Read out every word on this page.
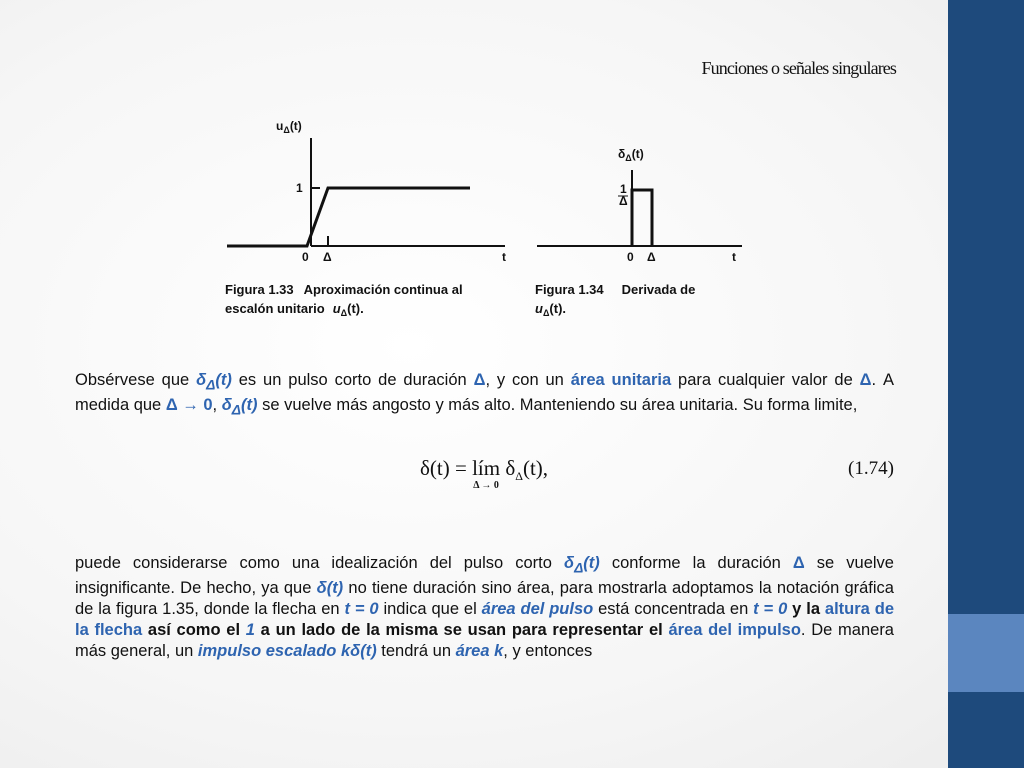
Funciones o señales singulares
$u_\Delta(t)$
1
0 Δ	t
Figura 1.33 Aproximación continua al
escalón unitario $u_\Delta(t)$.
$\delta_\Delta(t)$
1
Δ
0 Δ	t
Figura 1.34 Derivada de
$u_\Delta(t)$.
Obsérvese que $\delta_\Delta(t)$ es un pulso corto de duración Δ, y con un área unitaria para cualquier valor de Δ. A medida que Δ → 0, $\delta_\Delta(t)$ se vuelve más angosto y más alto. Manteniendo su área unitaria. Su forma limite,
δ(t) = lím
Δ → 0
$\delta_\Delta(t)$,	(1.74)
puede considerarse como una idealización del pulso corto $\delta_\Delta(t)$ conforme la duración Δ se vuelve insignificante. De hecho, ya que δ(t) no tiene duración sino área, para mostrarla adoptamos la notación gráfica de la figura 1.35, donde la flecha en t = 0 indica que el área del pulso está concentrada en t = 0 y la altura de la flecha así como el 1 a un lado de la misma se usan para representar el área del impulso. De manera más general, un impulso escalado kδ(t) tendrá un área k, y entonces
